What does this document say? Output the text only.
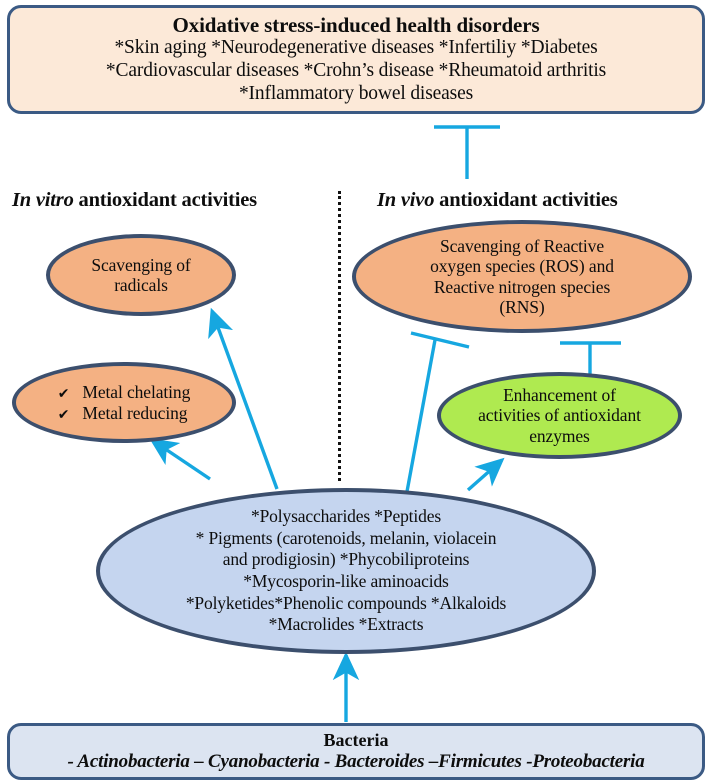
Oxidative stress-induced health disorders
*Skin aging *Neurodegenerative diseases *Infertiliy *Diabetes
*Cardiovascular diseases *Crohn’s disease *Rheumatoid arthritis
*Inflammatory bowel diseases
In vitro antioxidant activities	In vivo antioxidant activities
Scavenging of
radicals
✔ Metal chelating
✔ Metal reducing
Scavenging of Reactive
oxygen species (ROS) and
Reactive nitrogen species
(RNS)
Enhancement of
activities of antioxidant
enzymes
*Polysaccharides *Peptides
* Pigments (carotenoids, melanin, violacein
and prodigiosin) *Phycobiliproteins
*Mycosporin-like aminoacids
*Polyketides*Phenolic compounds *Alkaloids
*Macrolides *Extracts
Bacteria
- Actinobacteria – Cyanobacteria - Bacteroides –Firmicutes -Proteobacteria
